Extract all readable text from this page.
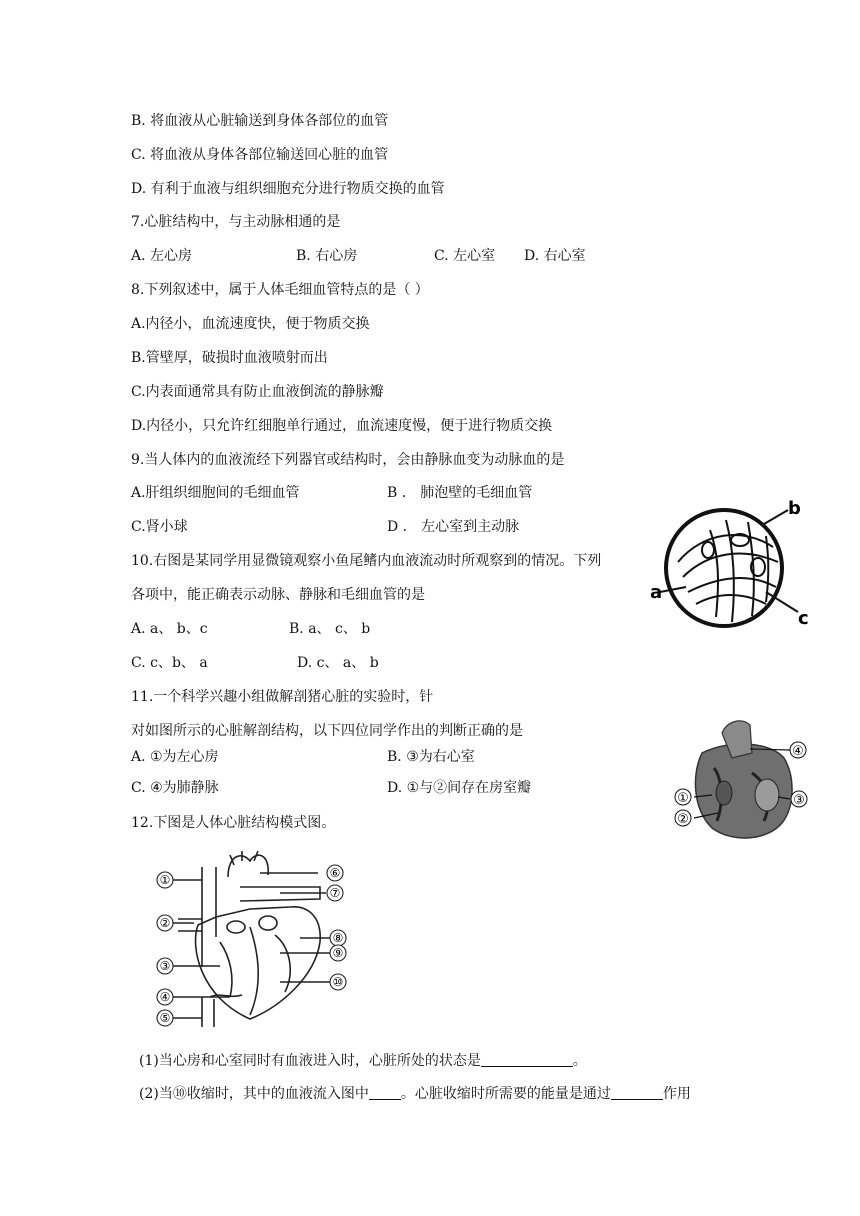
B. 将血液从心脏输送到身体各部位的血管
C. 将血液从身体各部位输送回心脏的血管
D. 有利于血液与组织细胞充分进行物质交换的血管
7.心脏结构中，与主动脉相通的是
A. 左心房	B. 右心房	C. 左心室 D. 右心室
8.下列叙述中，属于人体毛细血管特点的是（ ）
A.内径小，血流速度快，便于物质交换
B.管壁厚，破损时血液喷射而出
C.内表面通常具有防止血液倒流的静脉瓣
D.内径小，只允许红细胞单行通过，血流速度慢，便于进行物质交换
9.当人体内的血液流经下列器官或结构时，会由静脉血变为动脉血的是
A.肝组织细胞间的毛细血管	B ． 肺泡壁的毛细血管
C.肾小球	D ． 左心室到主动脉
10.右图是某同学用显微镜观察小鱼尾鳍内血液流动时所观察到的情况。下列
各项中，能正确表示动脉、静脉和毛细血管的是
A. a、 b、c	B. a、 c、 b
C. c、b、 a	D. c、 a、 b
a
b
c
11.一个科学兴趣小组做解剖猪心脏的实验时，针
对如图所示的心脏解剖结构，以下四位同学作出的判断正确的是
A. ①为左心房	B. ③为右心室
C. ④为肺静脉	D. ①与②间存在房室瓣
④
①
②
③
12.下图是人体心脏结构模式图。
①
②
③
④
⑤
⑥
⑦
⑧
⑨
⑩
(1)当心房和心室同时有血液进入时，心脏所处的状态是	。
(2)当⑩收缩时，其中的血液流入图中 。心脏收缩时所需要的能量是通过	作用
